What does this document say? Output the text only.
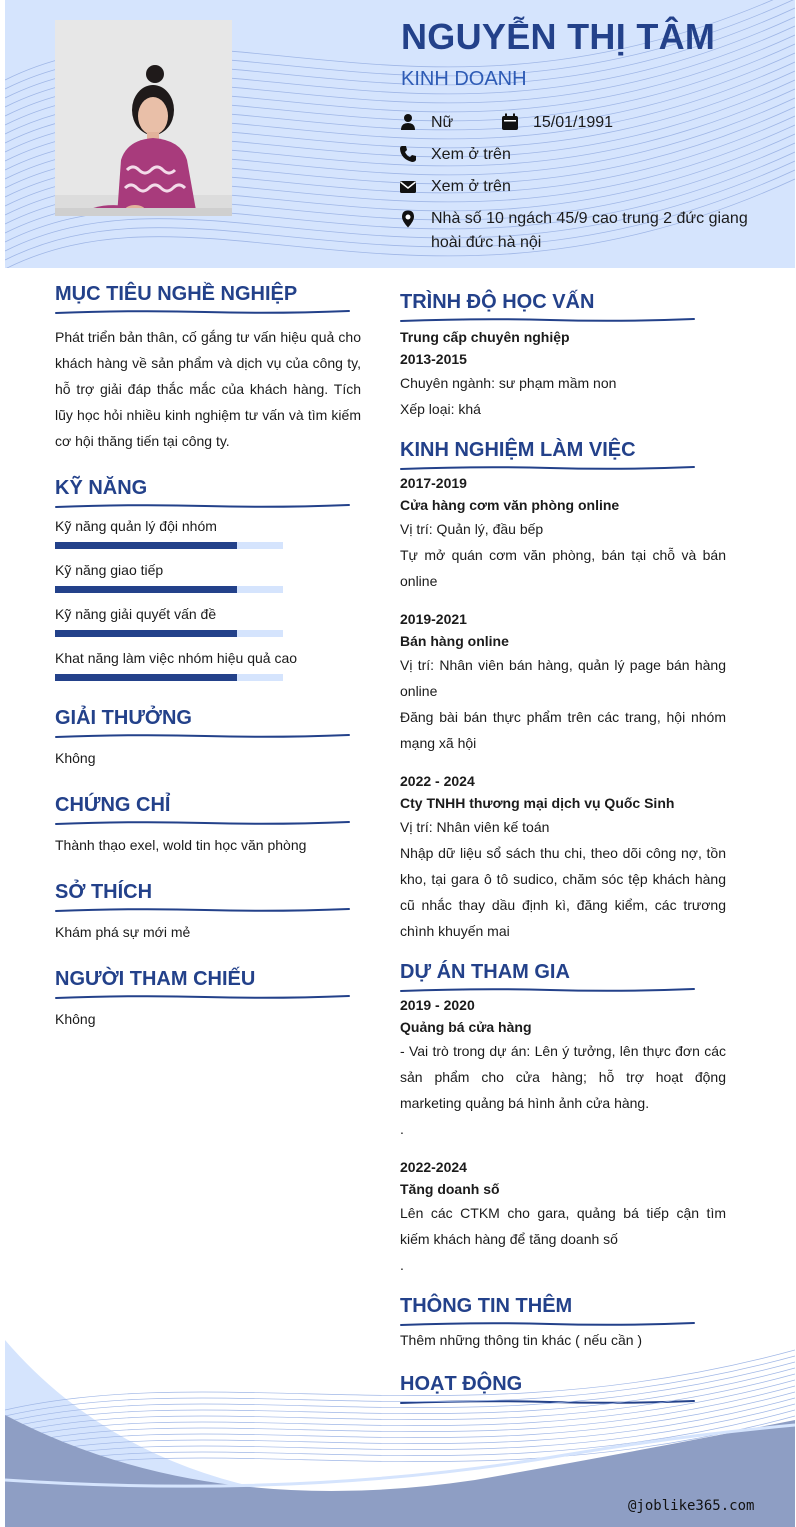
NGUYỄN THỊ TÂM
KINH DOANH
Nữ	15/01/1991
Xem ở trên
Xem ở trên
Nhà số 10 ngách 45/9 cao trung 2 đức giang
hoài đức hà nội
MỤC TIÊU NGHỀ NGHIỆP

Phát triển bản thân, cố gắng tư vấn hiệu quả cho khách hàng về sản phẩm và dịch vụ của công ty, hỗ trợ giải đáp thắc mắc của khách hàng. Tích lũy học hỏi nhiều kinh nghiệm tư vấn và tìm kiếm cơ hội thăng tiến tại công ty.

KỸ NĂNG
Kỹ năng quản lý đội nhóm
Kỹ năng giao tiếp
Kỹ năng giải quyết vấn đề
Khat năng làm việc nhóm hiệu quả cao
GIẢI THƯỞNG

Không

CHỨNG CHỈ

Thành thạo exel, wold tin học văn phòng

SỞ THÍCH

Khám phá sự mới mẻ

NGƯỜI THAM CHIẾU

Không

TRÌNH ĐỘ HỌC VẤN

Trung cấp chuyên nghiệp

2013-2015

Chuyên ngành: sư phạm mầm non

Xếp loại: khá

KINH NGHIỆM LÀM VIỆC

2017-2019

Cửa hàng cơm văn phòng online

Vị trí: Quản lý, đầu bếp

Tự mở quán cơm văn phòng, bán tại chỗ và bán online

2019-2021

Bán hàng online

Vị trí: Nhân viên bán hàng, quản lý page bán hàng online

Đăng bài bán thực phẩm trên các trang, hội nhóm mạng xã hội

2022 - 2024

Cty TNHH thương mại dịch vụ Quốc Sinh

Vị trí: Nhân viên kế toán

Nhập dữ liệu sổ sách thu chi, theo dõi công nợ, tồn kho, tại gara ô tô sudico, chăm sóc tệp khách hàng cũ nhắc thay dầu định kì, đăng kiểm, các trương chình khuyến mai

DỰ ÁN THAM GIA

2019 - 2020

Quảng bá cửa hàng

- Vai trò trong dự án: Lên ý tưởng, lên thực đơn các sản phẩm cho cửa hàng; hỗ trợ hoạt động marketing quảng bá hình ảnh cửa hàng.

.

2022-2024

Tăng doanh số

Lên các CTKM cho gara, quảng bá tiếp cận tìm kiếm khách hàng để tăng doanh số

.

THÔNG TIN THÊM

Thêm những thông tin khác ( nếu cần )

HOẠT ĐỘNG
@joblike365.com
